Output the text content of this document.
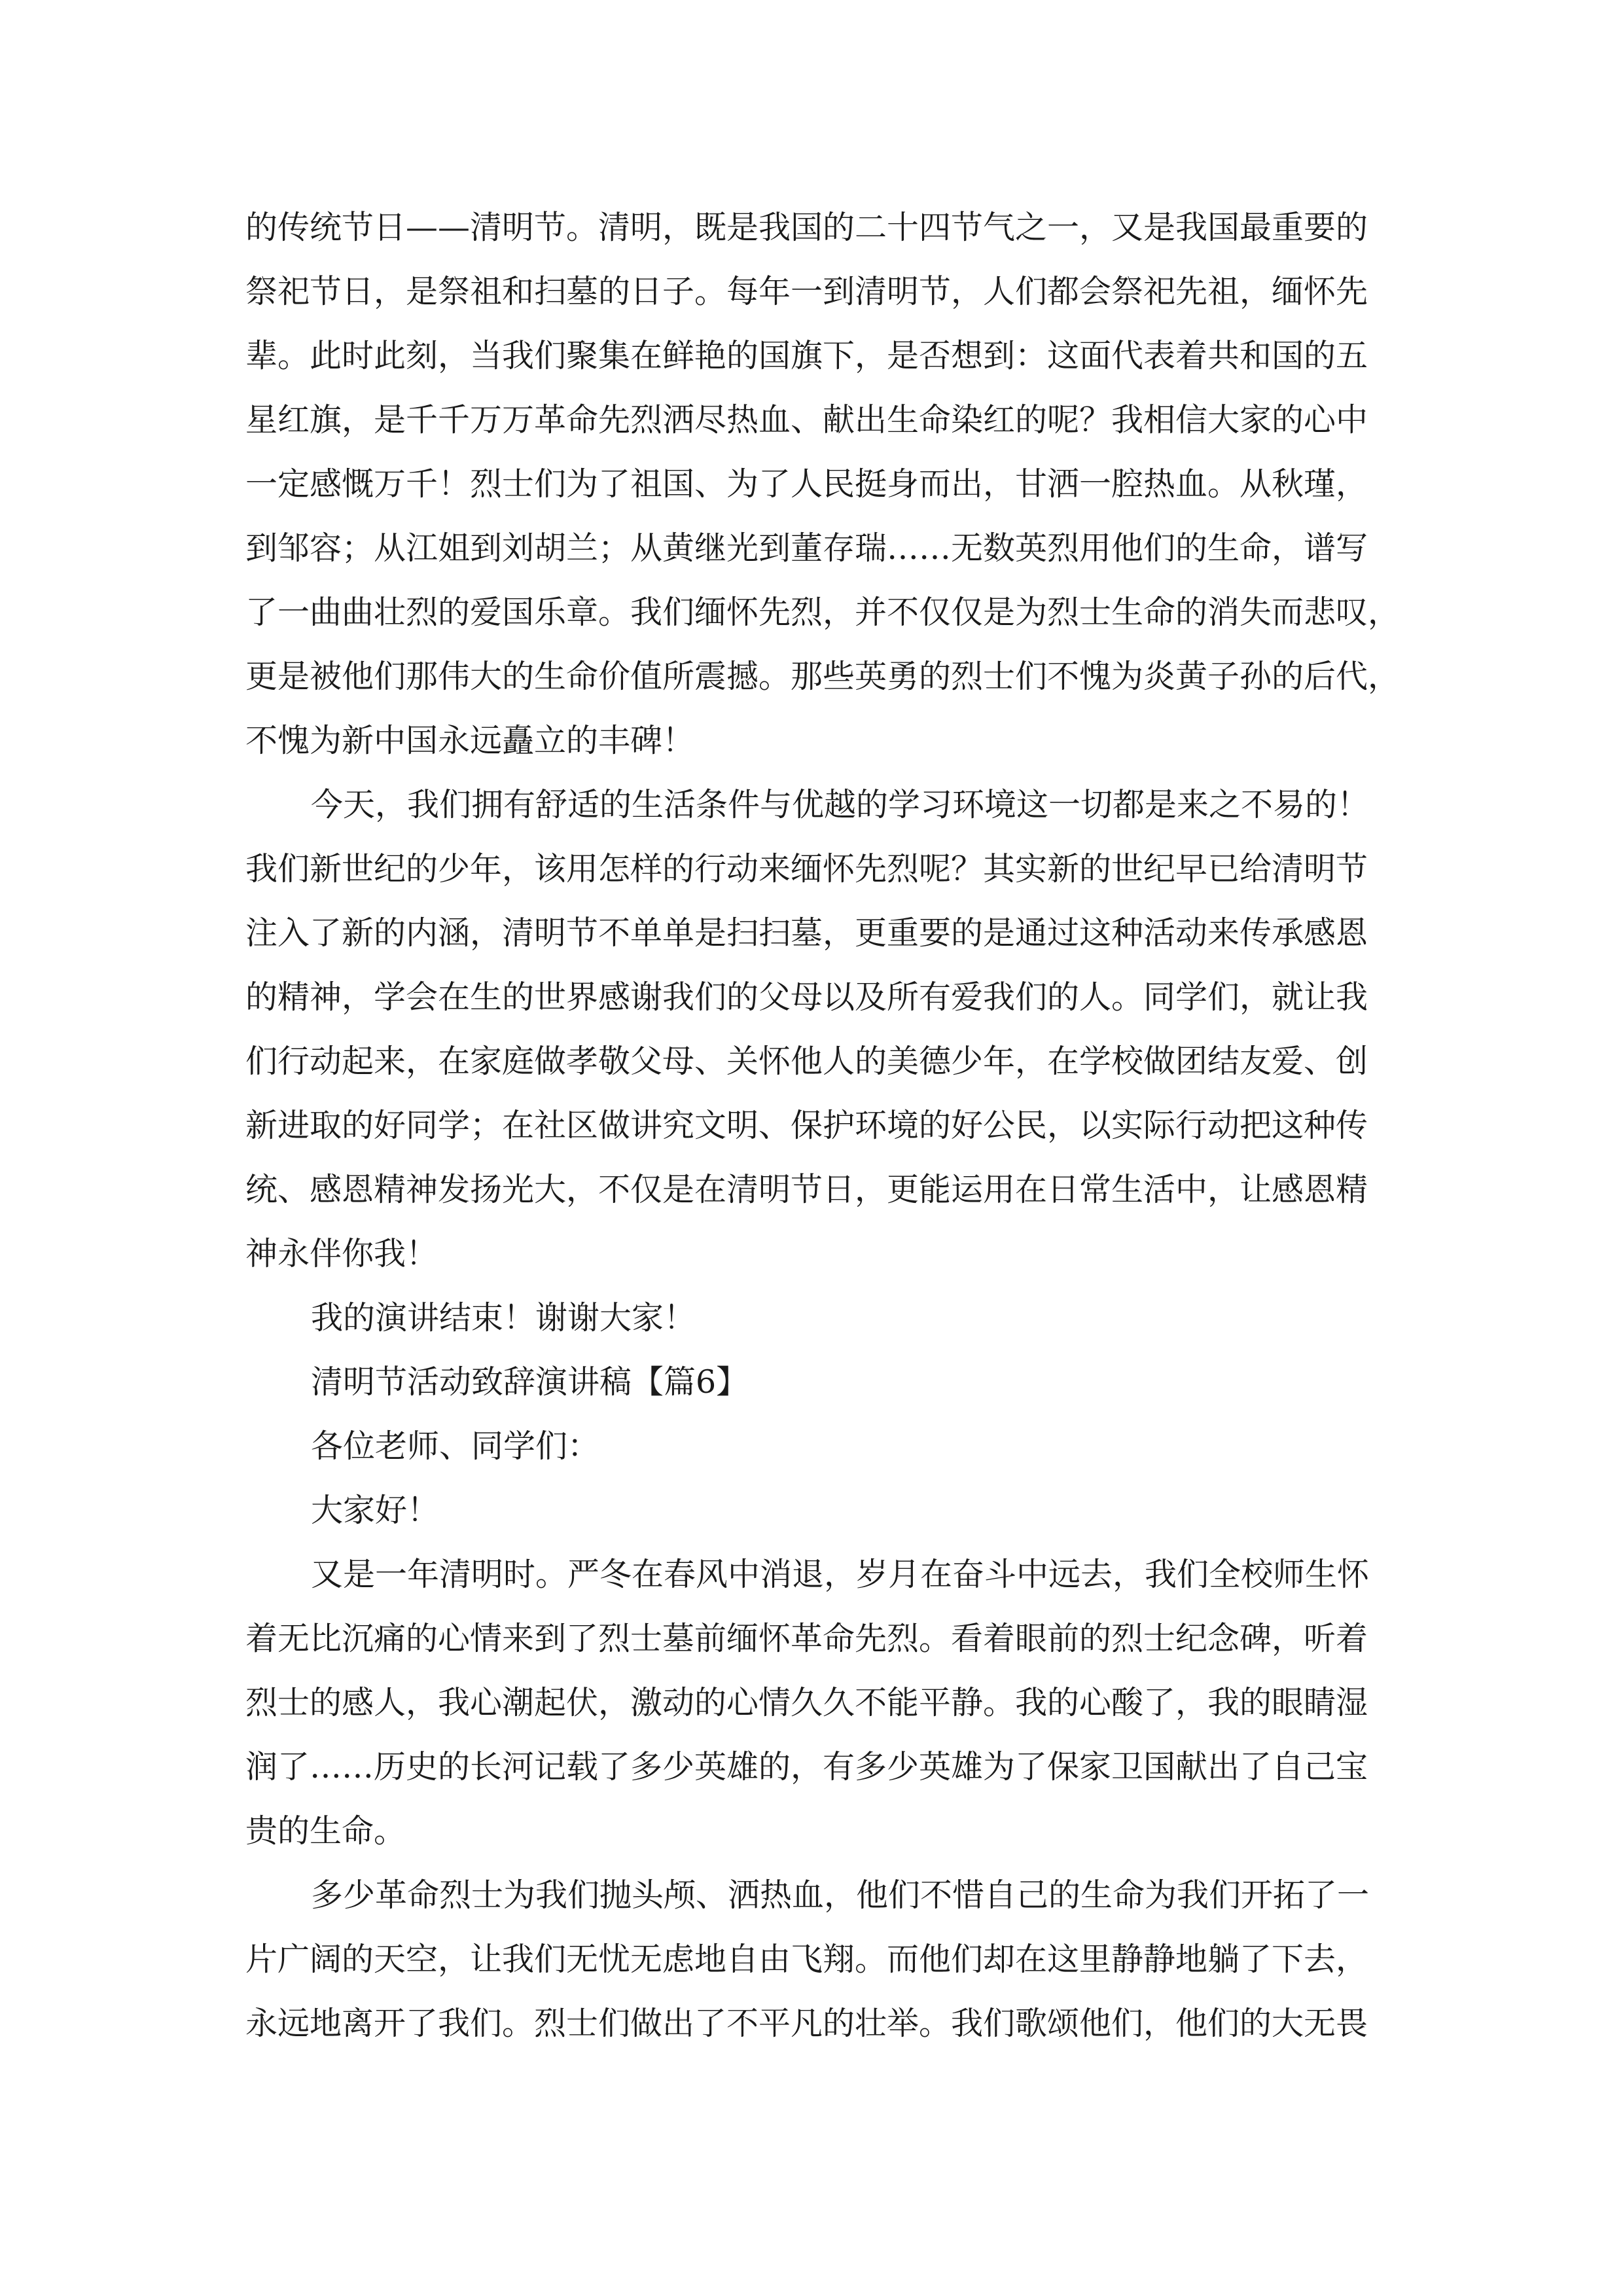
的传统节日——清明节。清明，既是我国的二十四节气之一，又是我国最重要的
祭祀节日，是祭祖和扫墓的日子。每年一到清明节，人们都会祭祀先祖，缅怀先
辈。此时此刻，当我们聚集在鲜艳的国旗下，是否想到：这面代表着共和国的五
星红旗，是千千万万革命先烈洒尽热血、献出生命染红的呢？我相信大家的心中
一定感慨万千！烈士们为了祖国、为了人民挺身而出，甘洒一腔热血。从秋瑾，
到邹容；从江姐到刘胡兰；从黄继光到董存瑞……无数英烈用他们的生命，谱写
了一曲曲壮烈的爱国乐章。我们缅怀先烈，并不仅仅是为烈士生命的消失而悲叹，
更是被他们那伟大的生命价值所震撼。那些英勇的烈士们不愧为炎黄子孙的后代，
不愧为新中国永远矗立的丰碑！
今天，我们拥有舒适的生活条件与优越的学习环境这一切都是来之不易的！
我们新世纪的少年，该用怎样的行动来缅怀先烈呢？其实新的世纪早已给清明节
注入了新的内涵，清明节不单单是扫扫墓，更重要的是通过这种活动来传承感恩
的精神，学会在生的世界感谢我们的父母以及所有爱我们的人。同学们，就让我
们行动起来，在家庭做孝敬父母、关怀他人的美德少年，在学校做团结友爱、创
新进取的好同学；在社区做讲究文明、保护环境的好公民，以实际行动把这种传
统、感恩精神发扬光大，不仅是在清明节日，更能运用在日常生活中，让感恩精
神永伴你我！
我的演讲结束！谢谢大家！
清明节活动致辞演讲稿【篇6】
各位老师、同学们：
大家好！
又是一年清明时。严冬在春风中消退，岁月在奋斗中远去，我们全校师生怀
着无比沉痛的心情来到了烈士墓前缅怀革命先烈。看着眼前的烈士纪念碑，听着
烈士的感人，我心潮起伏，激动的心情久久不能平静。我的心酸了，我的眼睛湿
润了……历史的长河记载了多少英雄的，有多少英雄为了保家卫国献出了自己宝
贵的生命。
多少革命烈士为我们抛头颅、洒热血，他们不惜自己的生命为我们开拓了一
片广阔的天空，让我们无忧无虑地自由飞翔。而他们却在这里静静地躺了下去，
永远地离开了我们。烈士们做出了不平凡的壮举。我们歌颂他们，他们的大无畏
